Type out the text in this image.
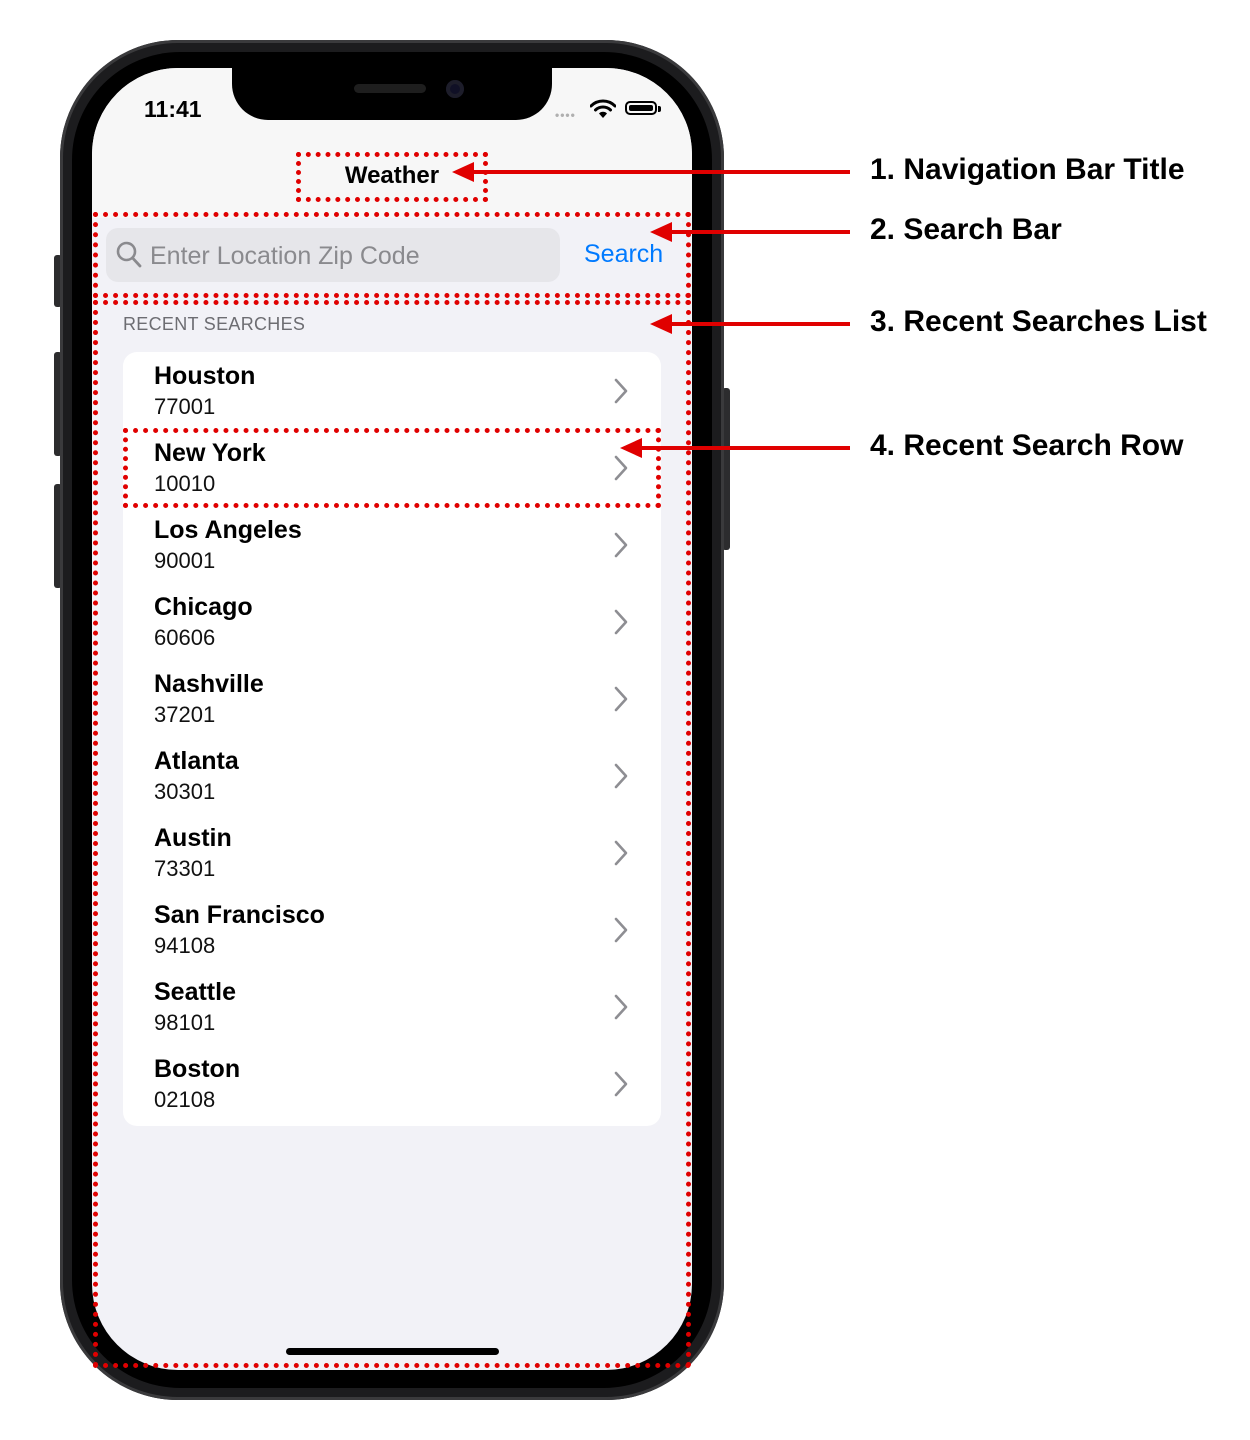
11:41	••••
Weather
Enter Location Zip Code	Search
RECENT SEARCHES
Houston
77001
New York
10010
Los Angeles
90001
Chicago
60606
Nashville
37201
Atlanta
30301
Austin
73301
San Francisco
94108
Seattle
98101
Boston
02108
1. Navigation Bar Title
2. Search Bar
3. Recent Searches List
4. Recent Search Row
